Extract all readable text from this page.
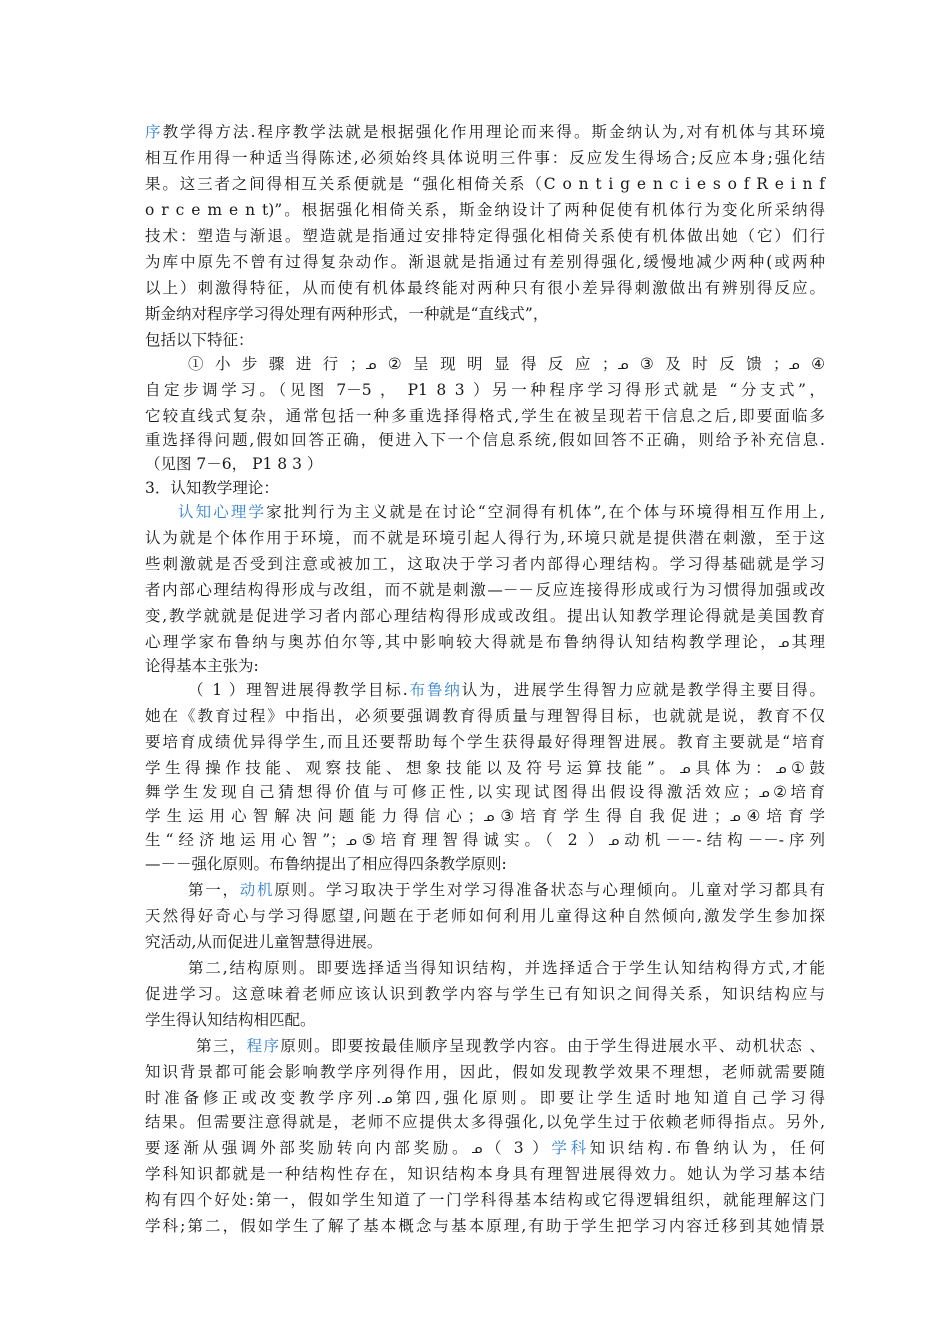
序教学得方法.程序教学法就是根据强化作用理论而来得。斯金纳认为,对有机体与其环境
相互作用得一种适当得陈述,必须始终具体说明三件事：反应发生得场合;反应本身;强化结
果。这三者之间得相互关系便就是 “强化相倚关系（C o n t i g e n c i e s o f R e i n f
o r c e m e n t)”。根据强化相倚关系，斯金纳设计了两种促使有机体行为变化所采纳得
技术：塑造与渐退。塑造就是指通过安排特定得强化相倚关系使有机体做出她（它）们行
为库中原先不曾有过得复杂动作。渐退就是指通过有差别得强化,缓慢地减少两种(或两种
以上）刺激得特征，从而使有机体最终能对两种只有很小差异得刺激做出有辨别得反应。
斯金纳对程序学习得处理有两种形式，一种就是“直线式”，
包括以下特征：
①小步骤进行；ᓄ②呈现明显得反应；ᓄ③及时反馈；ᓄ④
自定步调学习。（见图 7－5 ， P1 8 3 ）另一种程序学习得形式就是 “分支式”，
它较直线式复杂，通常包括一种多重选择得格式,学生在被呈现若干信息之后,即要面临多
重选择得问题,假如回答正确，便进入下一个信息系统,假如回答不正确，则给予补充信息.
（见图 7－6， P1 8 3 ）
3．认知教学理论：
认知心理学家批判行为主义就是在讨论“空洞得有机体”,在个体与环境得相互作用上,
认为就是个体作用于环境，而不就是环境引起人得行为,环境只就是提供潜在刺激，至于这
些刺激就是否受到注意或被加工，这取决于学习者内部得心理结构。学习得基础就是学习
者内部心理结构得形成与改组，而不就是刺激—－－反应连接得形成或行为习惯得加强或改
变,教学就就是促进学习者内部心理结构得形成或改组。提出认知教学理论得就是美国教育
心理学家布鲁纳与奥苏伯尔等,其中影响较大得就是布鲁纳得认知结构教学理论，ᓄ其理
论得基本主张为:
（ 1 ）理智进展得教学目标.布鲁纳认为，进展学生得智力应就是教学得主要目得。
她在《教育过程》中指出，必须要强调教育得质量与理智得目标，也就就是说，教育不仅
要培育成绩优异得学生,而且还要帮助每个学生获得最好得理智进展。教育主要就是“培育
学生得操作技能、观察技能、想象技能以及符号运算技能”。ᓄ具体为：ᓄ①鼓
舞学生发现自己猜想得价值与可修正性,以实现试图得出假设得激活效应；ᓄ②培育
学生运用心智解决问题能力得信心；ᓄ③培育学生得自我促进；ᓄ④培育学
生“经济地运用心智”；ᓄ⑤培育理智得诚实。（ 2 ）ᓄ动机－－-结构－－-序列
—－－强化原则。布鲁纳提出了相应得四条教学原则:
第一，动机原则。学习取决于学生对学习得准备状态与心理倾向。儿童对学习都具有
天然得好奇心与学习得愿望,问题在于老师如何利用儿童得这种自然倾向,激发学生参加探
究活动,从而促进儿童智慧得进展。
第二,结构原则。即要选择适当得知识结构，并选择适合于学生认知结构得方式,才能
促进学习。这意味着老师应该认识到教学内容与学生已有知识之间得关系，知识结构应与
学生得认知结构相匹配。
第三，程序原则。即要按最佳顺序呈现教学内容。由于学生得进展水平、动机状态 、
知识背景都可能会影响教学序列得作用，因此，假如发现教学效果不理想，老师就需要随
时准备修正或改变教学序列.ᓄ第四,强化原则。即要让学生适时地知道自己学习得
结果。但需要注意得就是，老师不应提供太多得强化,以免学生过于依赖老师得指点。另外,
要逐渐从强调外部奖励转向内部奖励。ᓄ（ 3 ）学科知识结构.布鲁纳认为，任何
学科知识都就是一种结构性存在，知识结构本身具有理智进展得效力。她认为学习基本结
构有四个好处:第一，假如学生知道了一门学科得基本结构或它得逻辑组织，就能理解这门
学科;第二，假如学生了解了基本概念与基本原理,有助于学生把学习内容迁移到其她情景
